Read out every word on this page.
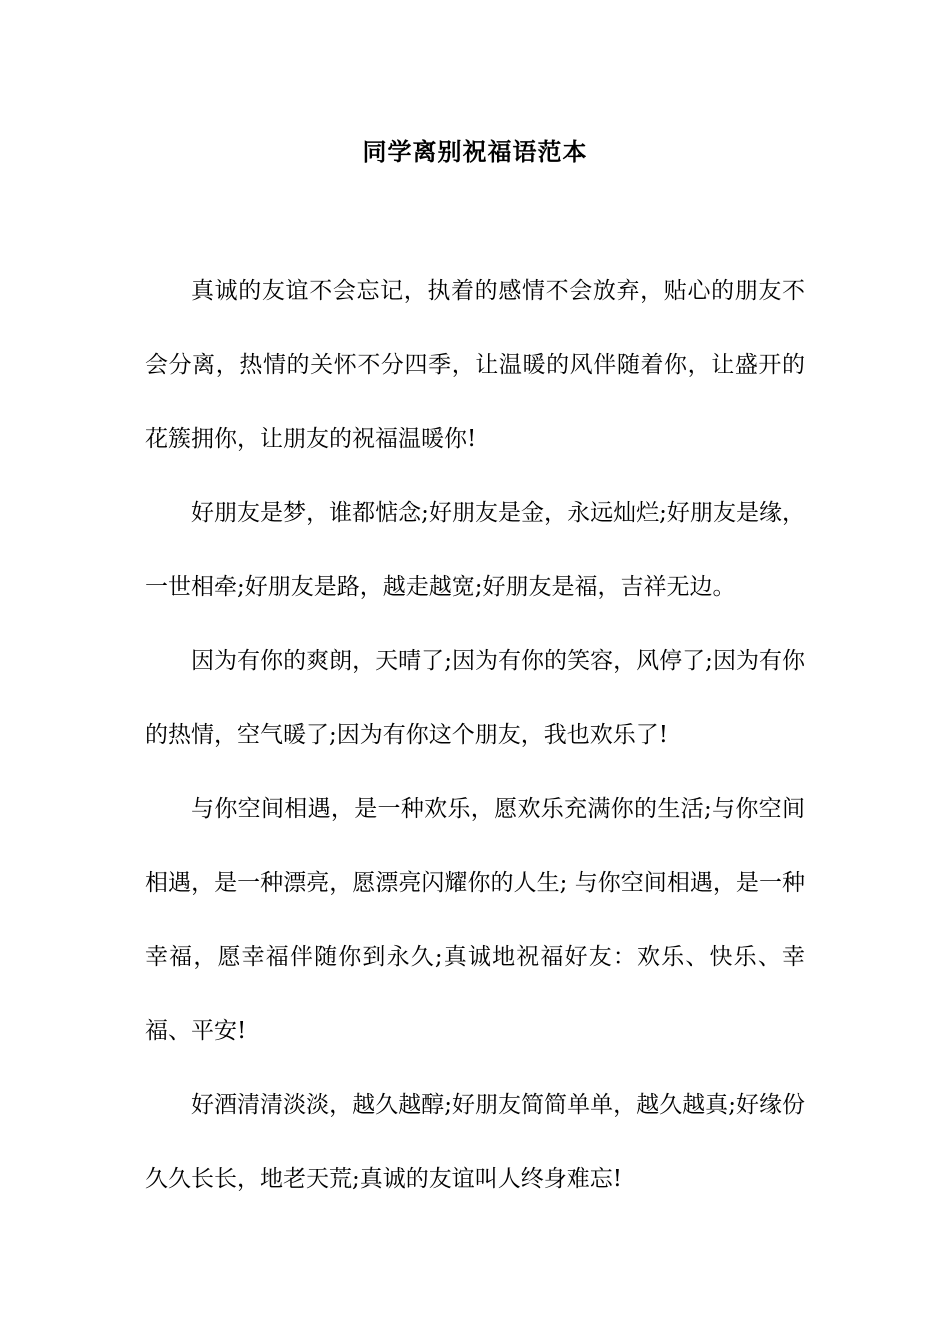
同学离别祝福语范本

真诚的友谊不会忘记，执着的感情不会放弃，贴心的朋友不会分离，热情的关怀不分四季，让温暖的风伴随着你，让盛开的花簇拥你，让朋友的祝福温暖你!

好朋友是梦，谁都惦念;好朋友是金，永远灿烂;好朋友是缘，一世相牵;好朋友是路，越走越宽;好朋友是福，吉祥无边。

因为有你的爽朗，天晴了;因为有你的笑容，风停了;因为有你的热情，空气暖了;因为有你这个朋友，我也欢乐了!

与你空间相遇，是一种欢乐，愿欢乐充满你的生活;与你空间相遇，是一种漂亮，愿漂亮闪耀你的人生; 与你空间相遇，是一种幸福，愿幸福伴随你到永久;真诚地祝福好友：欢乐、快乐、幸福、平安!

好酒清清淡淡，越久越醇;好朋友简简单单，越久越真;好缘份久久长长，地老天荒;真诚的友谊叫人终身难忘!
